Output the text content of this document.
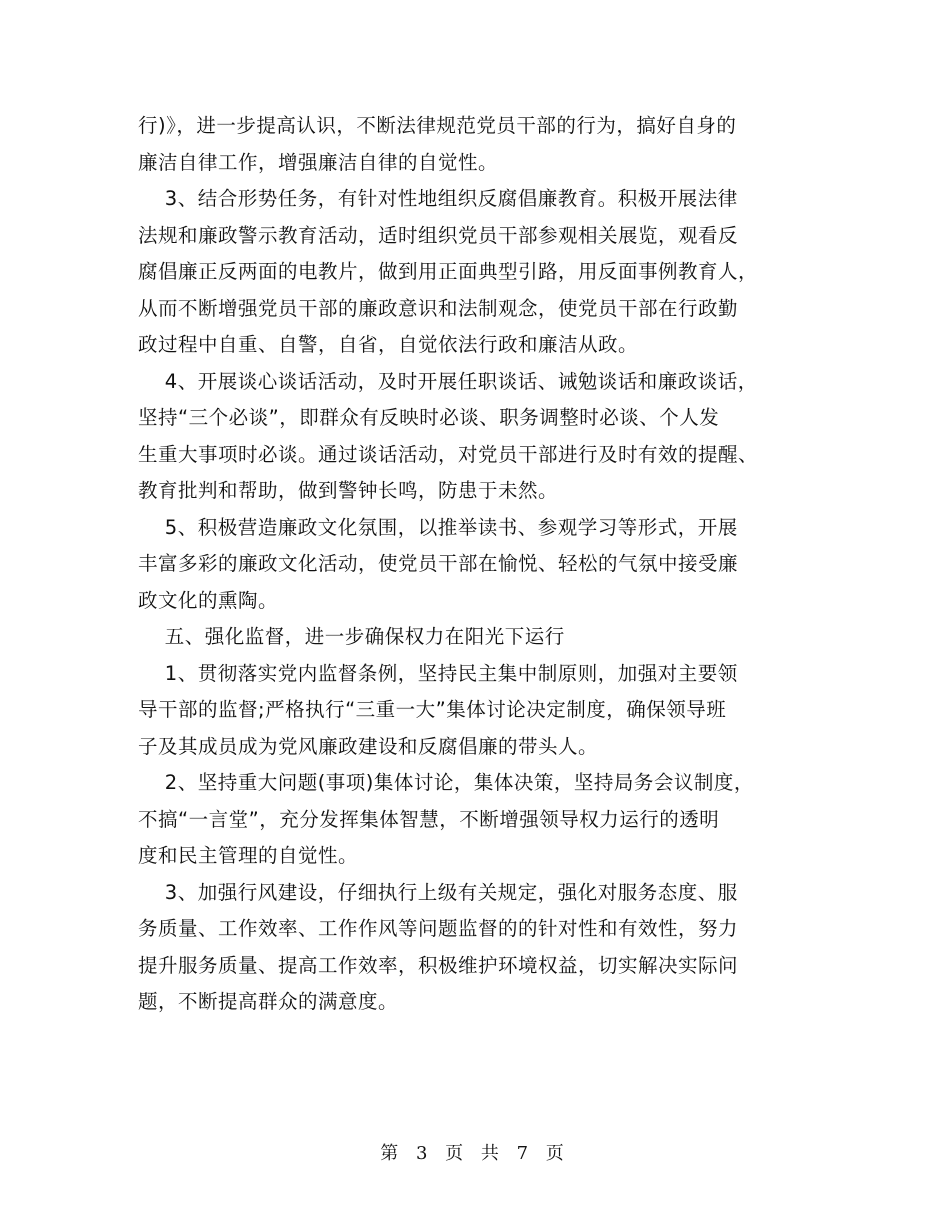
行)》，进一步提高认识，不断法律规范党员干部的行为，搞好自身的
廉洁自律工作，增强廉洁自律的自觉性。
3、结合形势任务，有针对性地组织反腐倡廉教育。积极开展法律
法规和廉政警示教育活动，适时组织党员干部参观相关展览，观看反
腐倡廉正反两面的电教片，做到用正面典型引路，用反面事例教育人，
从而不断增强党员干部的廉政意识和法制观念，使党员干部在行政勤
政过程中自重、自警，自省，自觉依法行政和廉洁从政。
4、开展谈心谈话活动，及时开展任职谈话、诫勉谈话和廉政谈话，
坚持“三个必谈”，即群众有反映时必谈、职务调整时必谈、个人发
生重大事项时必谈。通过谈话活动，对党员干部进行及时有效的提醒、
教育批判和帮助，做到警钟长鸣，防患于未然。
5、积极营造廉政文化氛围，以推举读书、参观学习等形式，开展
丰富多彩的廉政文化活动，使党员干部在愉悦、轻松的气氛中接受廉
政文化的熏陶。
五、强化监督，进一步确保权力在阳光下运行
1、贯彻落实党内监督条例，坚持民主集中制原则，加强对主要领
导干部的监督;严格执行“三重一大”集体讨论决定制度，确保领导班
子及其成员成为党风廉政建设和反腐倡廉的带头人。
2、坚持重大问题(事项)集体讨论，集体决策，坚持局务会议制度，
不搞“一言堂”，充分发挥集体智慧，不断增强领导权力运行的透明
度和民主管理的自觉性。
3、加强行风建设，仔细执行上级有关规定，强化对服务态度、服
务质量、工作效率、工作作风等问题监督的的针对性和有效性，努力
提升服务质量、提高工作效率，积极维护环境权益，切实解决实际问
题，不断提高群众的满意度。
第 3 页 共 7 页
